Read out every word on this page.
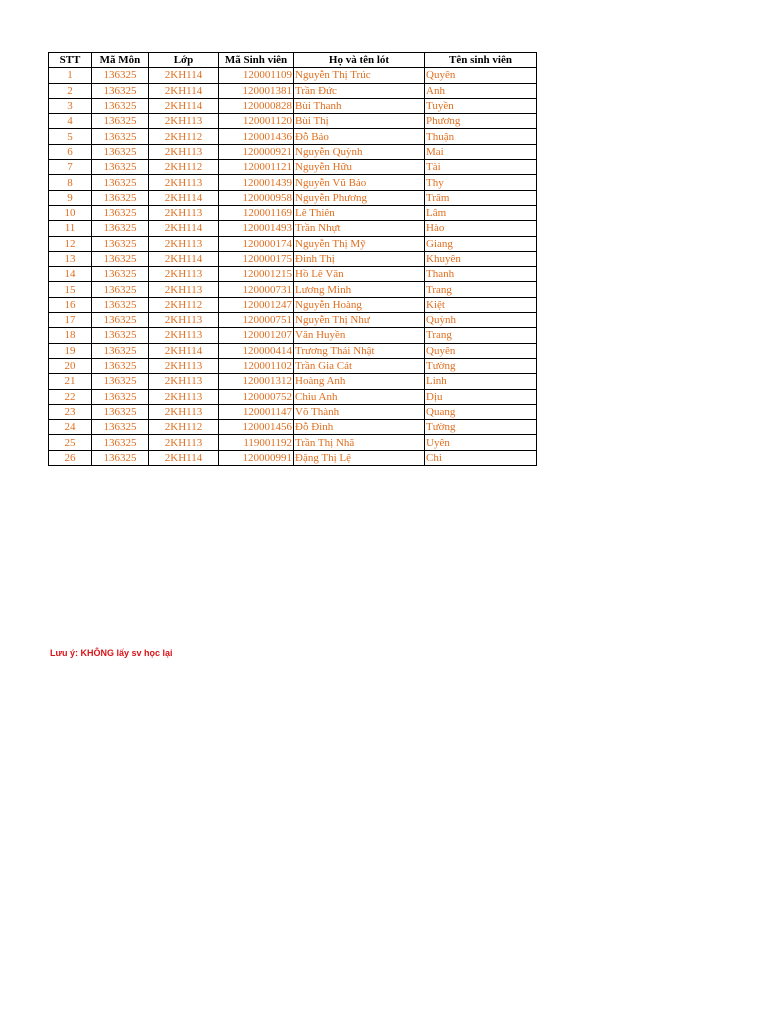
STT	Mã Môn	Lớp	Mã Sinh viên	Họ và tên lót	Tên sinh viên
1	136325	2KH114	120001109	Nguyễn Thị Trúc	Quyên
2	136325	2KH114	120001381	Trần Đức	Anh
3	136325	2KH114	120000828	Bùi Thanh	Tuyền
4	136325	2KH113	120001120	Bùi Thị	Phương
5	136325	2KH112	120001436	Đỗ Bảo	Thuận
6	136325	2KH113	120000921	Nguyễn Quỳnh	Mai
7	136325	2KH112	120001121	Nguyễn Hữu	Tài
8	136325	2KH113	120001439	Nguyễn Vũ Bảo	Thy
9	136325	2KH114	120000958	Nguyễn Phương	Trâm
10	136325	2KH113	120001169	Lê Thiên	Lâm
11	136325	2KH114	120001493	Trần Nhựt	Hào
12	136325	2KH113	120000174	Nguyễn Thị Mỹ	Giang
13	136325	2KH114	120000175	Đinh Thị	Khuyên
14	136325	2KH113	120001215	Hồ Lê Văn	Thanh
15	136325	2KH113	120000731	Lương Minh	Trang
16	136325	2KH112	120001247	Nguyễn Hoàng	Kiệt
17	136325	2KH113	120000751	Nguyễn Thị Như	Quỳnh
18	136325	2KH113	120001207	Văn Huyền	Trang
19	136325	2KH114	120000414	Trương Thái Nhật	Quyên
20	136325	2KH113	120001102	Trần Gia Cát	Tường
21	136325	2KH113	120001312	Hoàng Anh	Linh
22	136325	2KH113	120000752	Chiu Anh	Dịu
23	136325	2KH113	120001147	Võ Thành	Quang
24	136325	2KH112	120001456	Đỗ Đình	Tường
25	136325	2KH113	119001192	Trần Thị Nhã	Uyên
26	136325	2KH114	120000991	Đặng Thị Lệ	Chi
Lưu ý: KHÔNG lấy sv học lại
